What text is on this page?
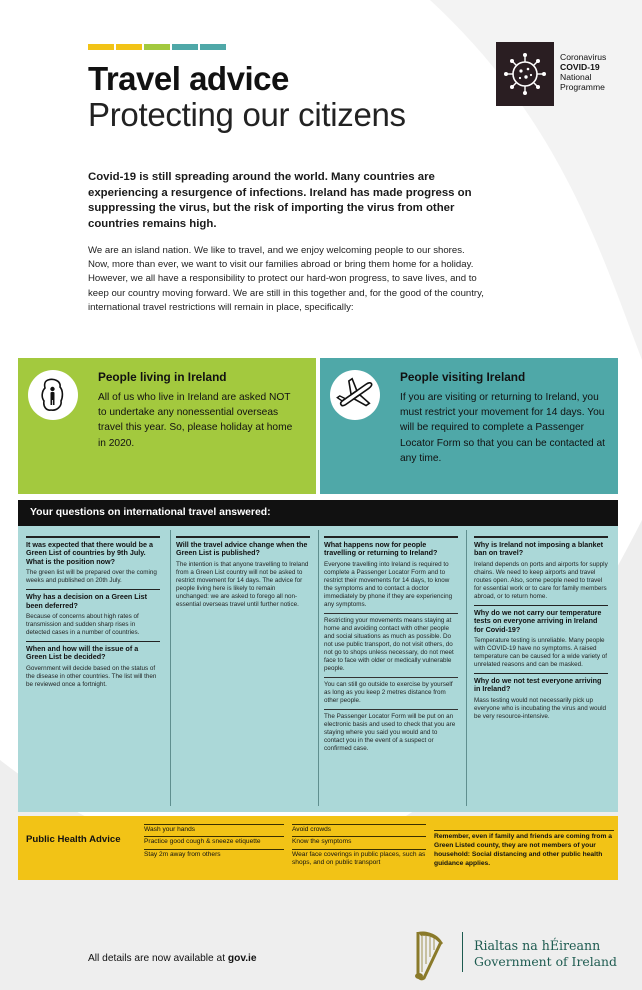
Travel advice
Protecting our citizens
Coronavirus
COVID-19
National
Programme
Covid-19 is still spreading around the world. Many countries are experiencing a resurgence of infections. Ireland has made progress on suppressing the virus, but the risk of importing the virus from other countries remains high.
We are an island nation. We like to travel, and we enjoy welcoming people to our shores. Now, more than ever, we want to visit our families abroad or bring them home for a holiday. However, we all have a responsibility to protect our hard-won progress, to save lives, and to keep our country moving forward. We are still in this together and, for the good of the country, international travel restrictions will remain in place, specifically:
People living in Ireland
All of us who live in Ireland are asked NOT to undertake any nonessential overseas travel this year. So, please holiday at home in 2020.
People visiting Ireland
If you are visiting or returning to Ireland, you must restrict your movement for 14 days. You will be required to complete a Passenger Locator Form so that you can be contacted at any time.
Your questions on international travel answered:
It was expected that there would be a Green List of countries by 9th July. What is the position now?
The green list will be prepared over the coming weeks and published on 20th July.
Why has a decision on a Green List been deferred?
Because of concerns about high rates of transmission and sudden sharp rises in detected cases in a number of countries.
When and how will the issue of a Green List be decided?
Government will decide based on the status of the disease in other countries. The list will then be reviewed once a fortnight.
Will the travel advice change when the Green List is published?
The intention is that anyone travelling to Ireland from a Green List country will not be asked to restrict movement for 14 days. The advice for people living here is likely to remain unchanged: we are asked to forego all non-essential overseas travel until further notice.
What happens now for people travelling or returning to Ireland?
Everyone travelling into Ireland is required to complete a Passenger Locator Form and to restrict their movements for 14 days, to know the symptoms and to contact a doctor immediately by phone if they are experiencing any symptoms.
Restricting your movements means staying at home and avoiding contact with other people and social situations as much as possible. Do not use public transport, do not visit others, do not go to shops unless necessary, do not meet face to face with older or medically vulnerable people.
You can still go outside to exercise by yourself as long as you keep 2 metres distance from other people.
The Passenger Locator Form will be put on an electronic basis and used to check that you are staying where you said you would and to contact you in the event of a suspect or confirmed case.
Why is Ireland not imposing a blanket ban on travel?
Ireland depends on ports and airports for supply chains. We need to keep airports and travel routes open. Also, some people need to travel for essential work or to care for family members abroad, or to return home.
Why do we not carry our temperature tests on everyone arriving in Ireland for Covid-19?
Temperature testing is unreliable. Many people with COVID-19 have no symptoms. A raised temperature can be caused for a wide variety of unrelated reasons and can be masked.
Why do we not test everyone arriving in Ireland?
Mass testing would not necessarily pick up everyone who is incubating the virus and would be very resource-intensive.
Public Health Advice
Wash your hands
Practice good cough & sneeze etiquette
Stay 2m away from others
Avoid crowds
Know the symptoms
Wear face coverings in public places, such as shops, and on public transport
Remember, even if family and friends are coming from a Green Listed county, they are not members of your household: Social distancing and other public health guidance applies.
All details are now available at gov.ie
Rialtas na hÉireann
Government of Ireland
